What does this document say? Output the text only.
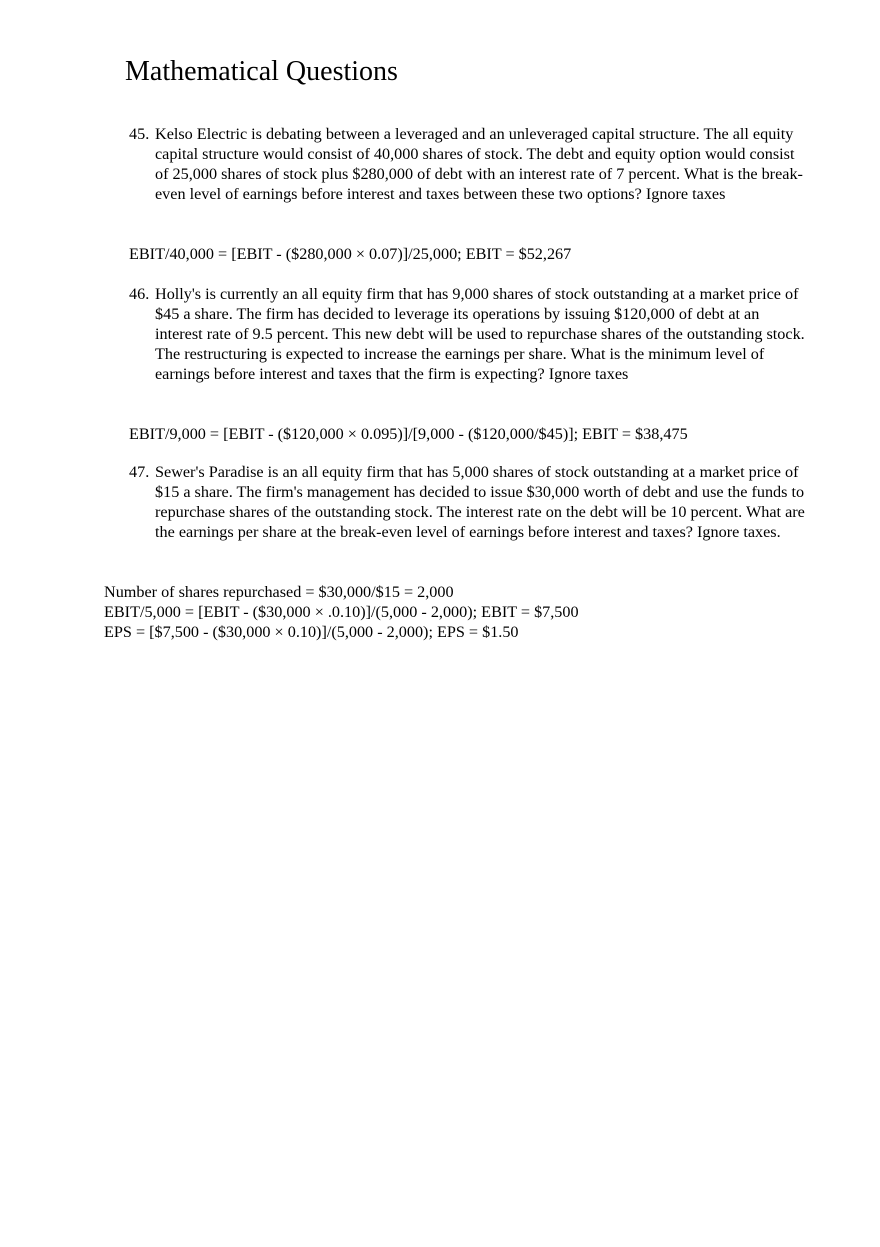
Mathematical Questions
45. Kelso Electric is debating between a leveraged and an unleveraged capital structure. The all equity capital structure would consist of 40,000 shares of stock. The debt and equity option would consist of 25,000 shares of stock plus $280,000 of debt with an interest rate of 7 percent. What is the break-even level of earnings before interest and taxes between these two options? Ignore taxes
EBIT/40,000 = [EBIT - ($280,000 × 0.07)]/25,000; EBIT = $52,267
46. Holly's is currently an all equity firm that has 9,000 shares of stock outstanding at a market price of $45 a share. The firm has decided to leverage its operations by issuing $120,000 of debt at an interest rate of 9.5 percent. This new debt will be used to repurchase shares of the outstanding stock. The restructuring is expected to increase the earnings per share. What is the minimum level of earnings before interest and taxes that the firm is expecting? Ignore taxes
EBIT/9,000 = [EBIT - ($120,000 × 0.095)]/[9,000 - ($120,000/$45)]; EBIT = $38,475
47. Sewer's Paradise is an all equity firm that has 5,000 shares of stock outstanding at a market price of $15 a share. The firm's management has decided to issue $30,000 worth of debt and use the funds to repurchase shares of the outstanding stock. The interest rate on the debt will be 10 percent. What are the earnings per share at the break-even level of earnings before interest and taxes? Ignore taxes.
Number of shares repurchased = $30,000/$15 = 2,000
EBIT/5,000 = [EBIT - ($30,000 × .0.10)]/(5,000 - 2,000); EBIT = $7,500
EPS = [$7,500 - ($30,000 × 0.10)]/(5,000 - 2,000); EPS = $1.50
